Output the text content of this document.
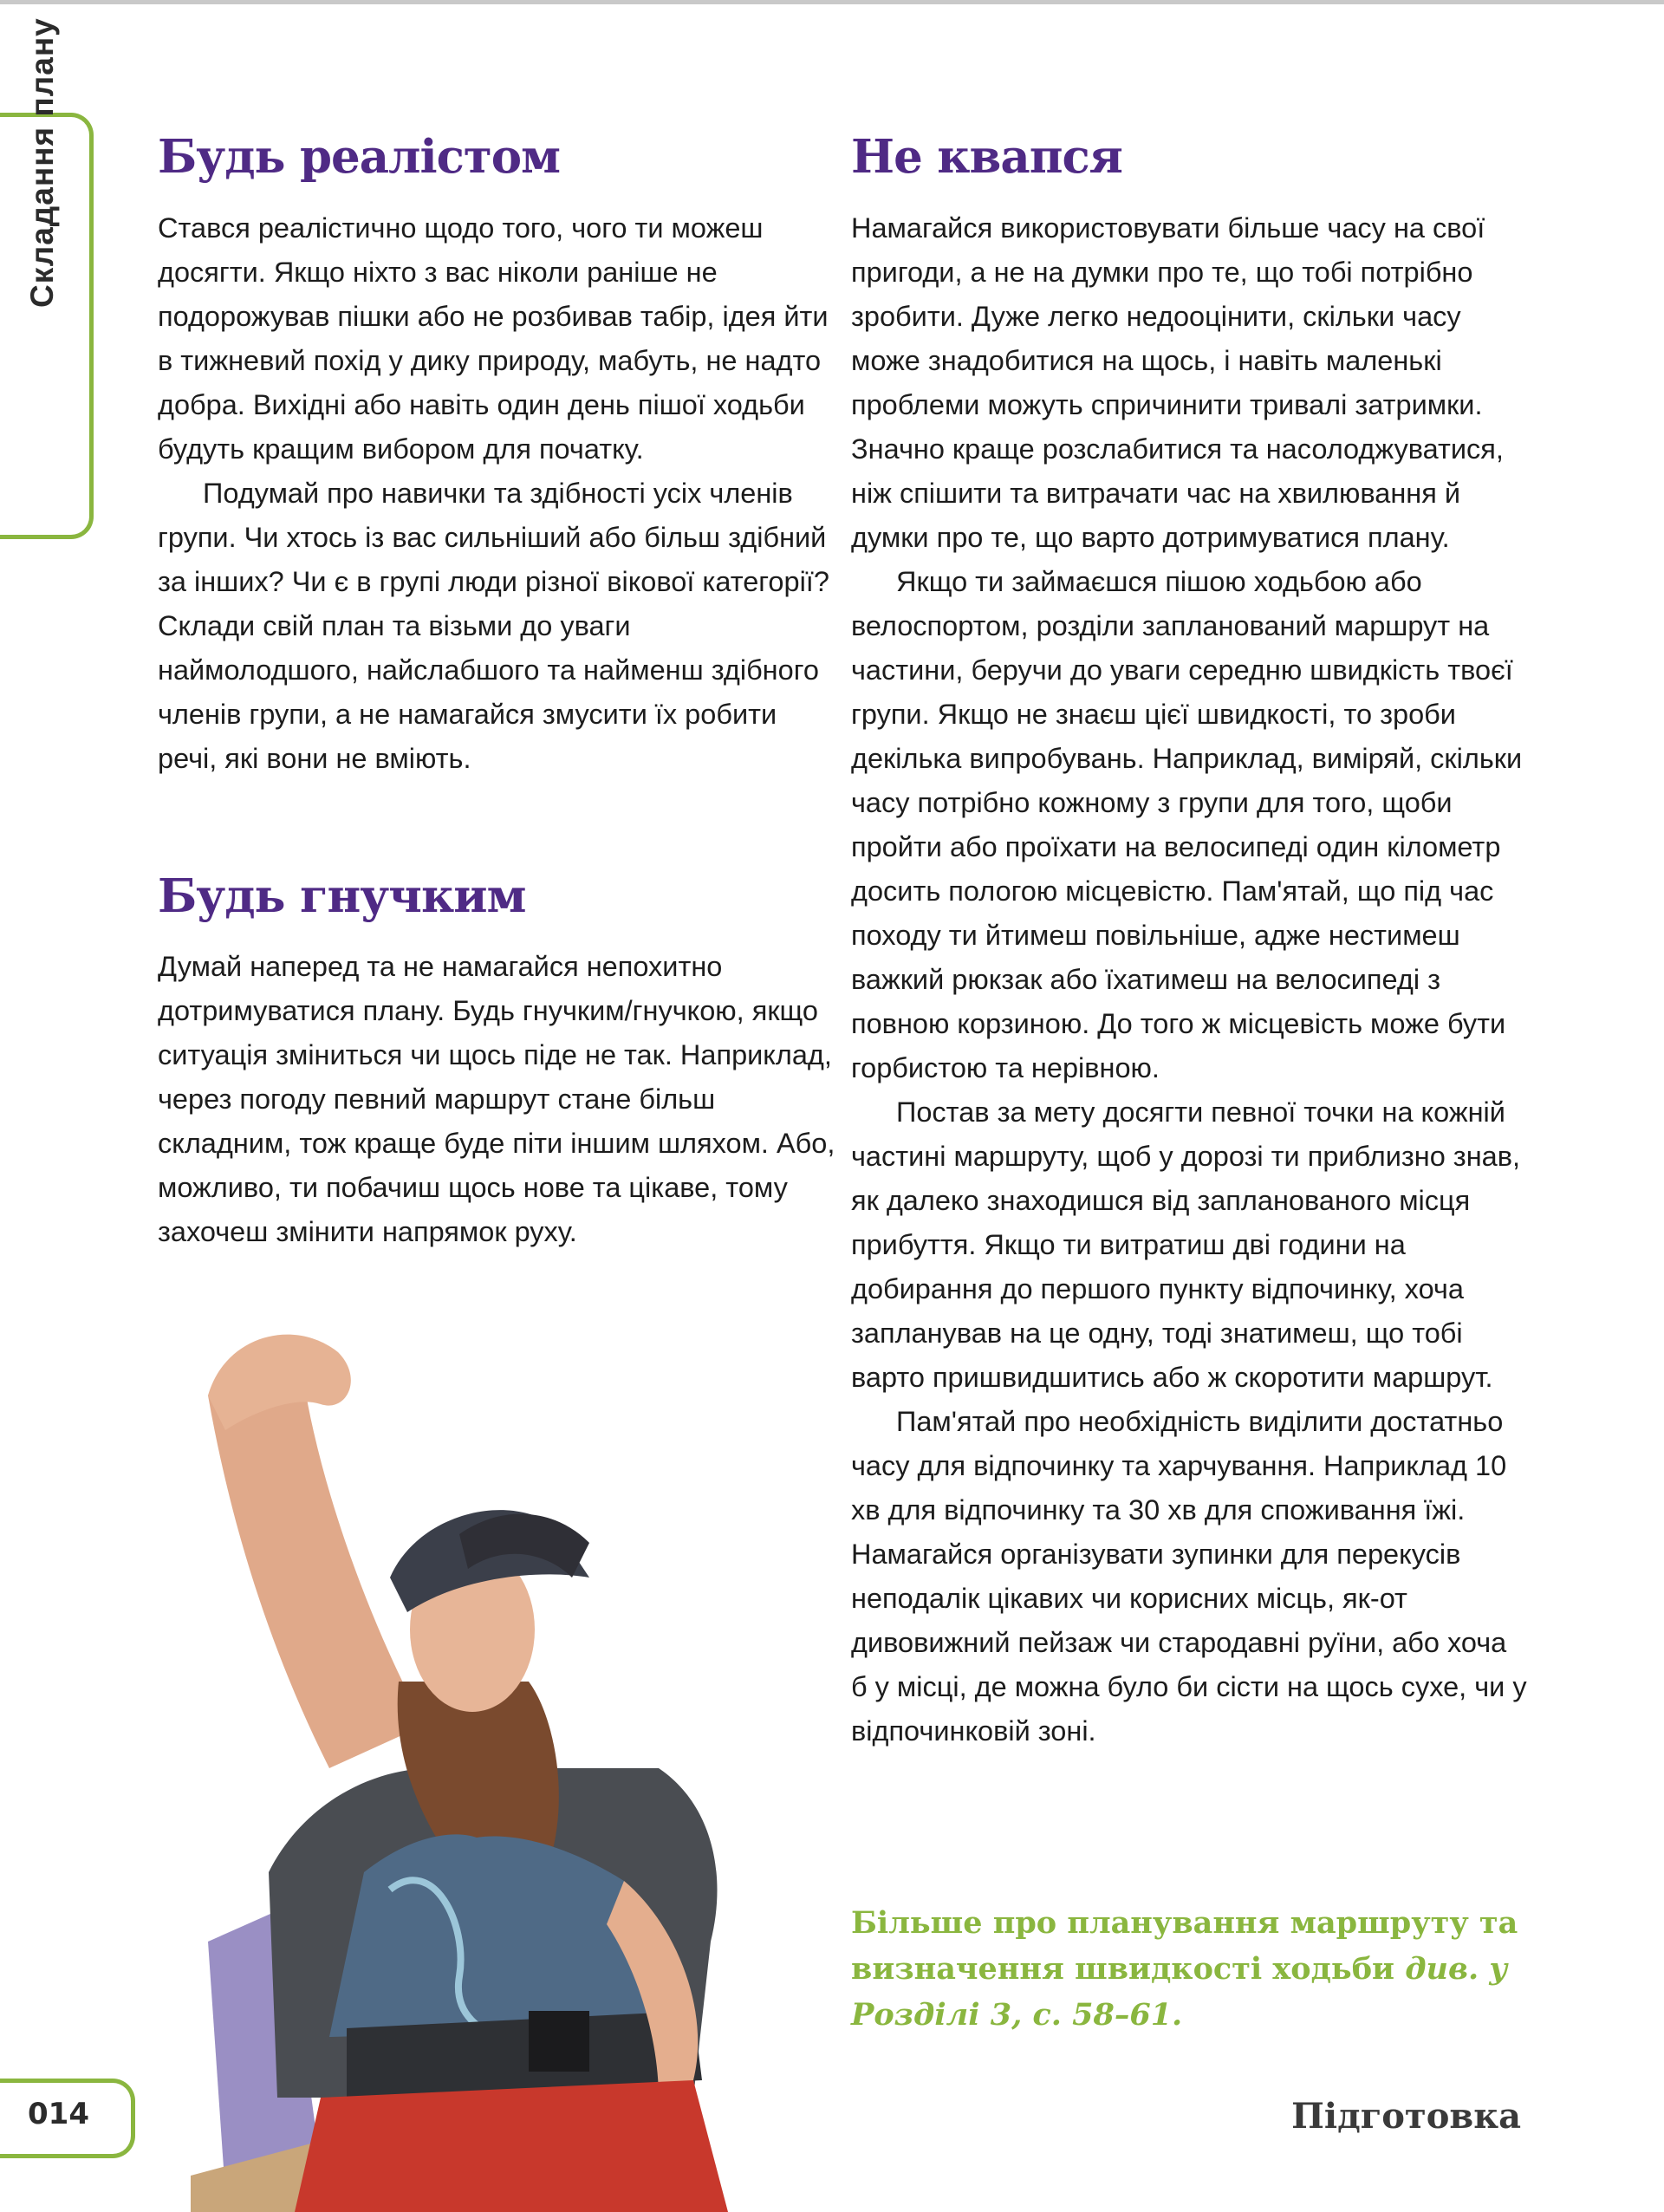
Складання плану Будь реалістом

Стався реалістично щодо того, чого ти можеш досягти. Якщо ніхто з вас ніколи раніше не подорожував пішки або не розбивав табір, ідея йти в тижневий похід у дику природу, мабуть, не надто добра. Вихідні або навіть один день пішої ходьби будуть кращим вибором для початку.

Подумай про навички та здібності усіх членів групи. Чи хтось із вас сильніший або більш здібний за інших? Чи є в групі люди різної вікової категорії? Склади свій план та візьми до уваги наймолодшого, найслабшого та найменш здібного членів групи, а не намагайся змусити їх робити речі, які вони не вміють.

Будь гнучким

Думай наперед та не намагайся непохитно дотримуватися плану. Будь гнучким/гнучкою, якщо ситуація зміниться чи щось піде не так. Наприклад, через погоду певний маршрут стане більш складним, тож краще буде піти іншим шляхом. Або, можливо, ти побачиш щось нове та цікаве, тому захочеш змінити напрямок руху.

Не квапся

Намагайся використовувати більше часу на свої пригоди, а не на думки про те, що тобі потрібно зробити. Дуже легко недооцінити, скільки часу може знадобитися на щось, і навіть маленькі проблеми можуть спричинити тривалі затримки. Значно краще розслабитися та насолоджуватися, ніж спішити та витрачати час на хвилювання й думки про те, що варто дотримуватися плану.

Якщо ти займаєшся пішою ходьбою або велоспортом, розділи запланований маршрут на частини, беручи до уваги середню швидкість твоєї групи. Якщо не знаєш цієї швидкості, то зроби декілька випробувань. Наприклад, виміряй, скільки часу потрібно кожному з групи для того, щоби пройти або проїхати на велосипеді один кілометр досить пологою місцевістю. Пам'ятай, що під час походу ти йтимеш повільніше, адже нестимеш важкий рюкзак або їхатимеш на велосипеді з повною корзиною. До того ж місцевість може бути горбистою та нерівною.

Постав за мету досягти певної точки на кожній частині маршруту, щоб у дорозі ти приблизно знав, як далеко знаходишся від запланованого місця прибуття. Якщо ти витратиш дві години на добирання до першого пункту відпочинку, хоча запланував на це одну, тоді знатимеш, що тобі варто пришвидшитись або ж скоротити маршрут.

Пам'ятай про необхідність виділити достатньо часу для відпочинку та харчування. Наприклад 10 хв для відпочинку та 30 хв для споживання їжі. Намагайся організувати зупинки для перекусів неподалік цікавих чи корисних місць, як-от дивовижний пейзаж чи стародавні руїни, або хоча б у місці, де можна було би сісти на щось сухе, чи у відпочинковій зоні.

Більше про планування маршруту та визначення швидкості ходьби див. у Розділі 3, с. 58–61.
014	Підготовка
